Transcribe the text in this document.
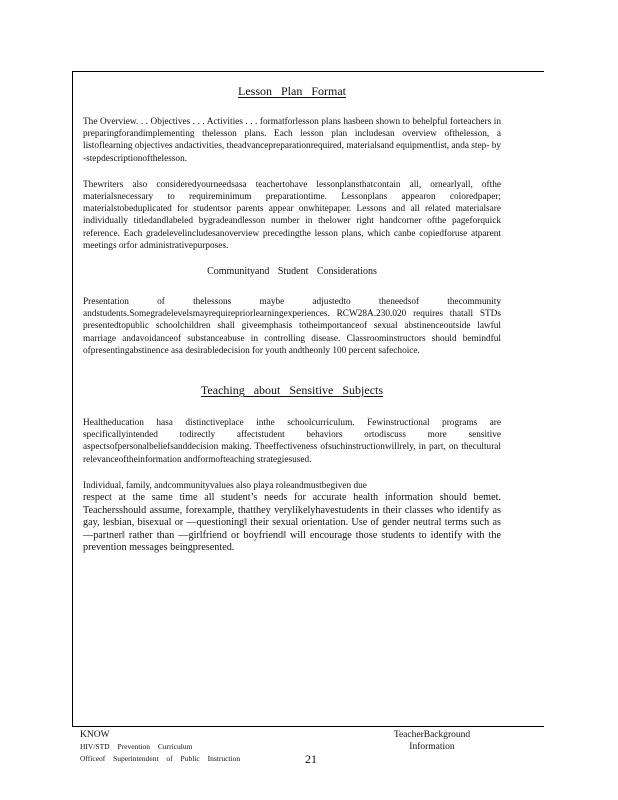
Lesson Plan Format

The Overview. . . Objectives . . . Activities . . . formatforlesson plans hasbeen shown to behelpful forteachers in preparingforandimplementing thelesson plans. Each lesson plan includesan overview ofthelesson, a listoflearning objectives andactivities, theadvancepreparationrequired, materialsand equipmentlist, anda step- by -stepdescriptionofthelesson.

Thewriters also consideredyourneedsasa teachertohave lessonplansthatcontain all, ornearlyall, ofthe materialsnecessary to requireminimum preparationtime. Lessonplans appearon coloredpaper; materialstobeduplicated for studentsor parents appear onwhitepaper. Lessons and all related materialsare individually titledandlabeled bygradeandlesson number in thelower right handcorner ofthe pageforquick reference. Each gradelevelincludesanoverview precedingthe lesson plans, which canbe copiedforuse atparent meetings orfor administrativepurposes.

Communityand Student Considerations

Presentation of thelessons maybe adjustedto theneedsof thecommunity andstudents.Somegradelevelsmayrequirepriorlearningexperiences. RCW28A.230.020 requires thatall STDs presentedtopublic schoolchildren shall giveemphasis totheimportanceof sexual abstinenceoutside lawful marriage andavoidanceof substanceabuse in controlling disease. Classroominstructors should bemindful ofpresentingabstinence asa desirabledecision for youth andtheonly 100 percent safechoice.

Teaching about Sensitive Subjects

Healtheducation hasa distinctiveplace inthe schoolcurriculum. Fewinstructional programs are specificallyintended todirectly affectstudent behaviors ortodiscuss more sensitive aspectsofpersonalbeliefsanddecision making. Theeffectiveness ofsuchinstructionwillrely, in part, on thecultural relevanceoftheinformation andformofteaching strategiesused.

Individual, family, andcommunityvalues also playa roleandmustbegiven due

respect at the same time all student’s needs for accurate health information should bemet. Teachersshould assume, forexample, thatthey verylikelyhavestudents in their classes who identify as gay, lesbian, bisexual or ―questioning‖ their sexual orientation. Use of gender neutral terms such as ―partner‖ rather than ―girlfriend or boyfriend‖ will encourage those students to identify with the prevention messages beingpresented.

KNOW
HIV/STD Prevention Curriculum
Officeof Superintendent of Public Instruction
TeacherBackground
Information
21
